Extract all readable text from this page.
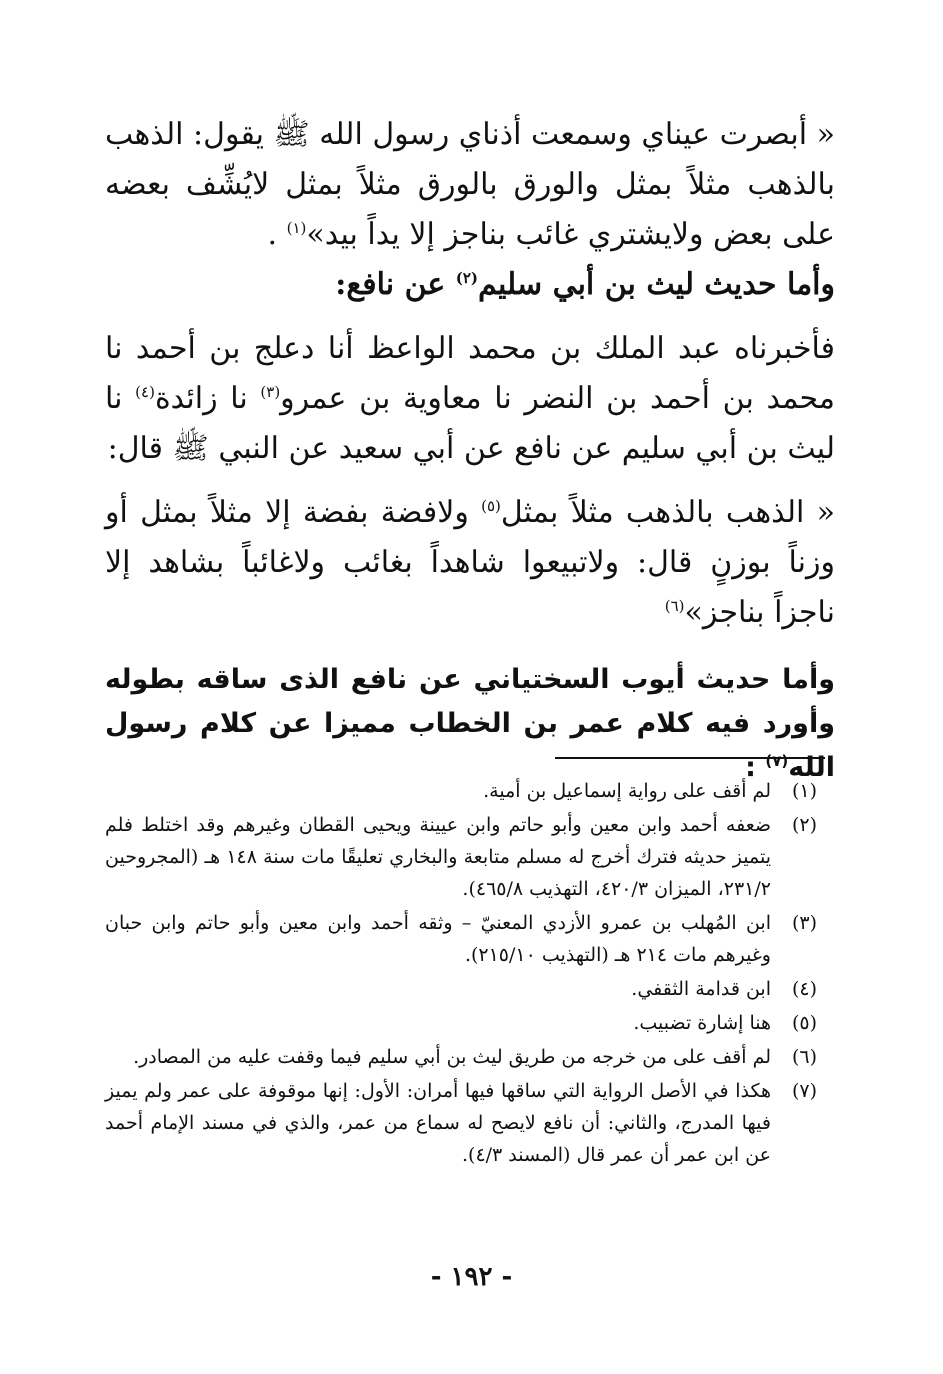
« أبصرت عيناي وسمعت أذناي رسول الله ﷺ يقول: الذهب بالذهب مثلاً بمثل والورق بالورق مثلاً بمثل لايُشِّف بعضه على بعض ولايشتري غائب بناجز إلا يداً بيد»$^{(١)}$ .

وأما حديث ليث بن أبي سليم$^{(٢)}$ عن نافع:

فأخبرناه عبد الملك بن محمد الواعظ أنا دعلج بن أحمد نا محمد بن أحمد بن النضر نا معاوية بن عمرو$^{(٣)}$ نا زائدة$^{(٤)}$ نا ليث بن أبي سليم عن نافع عن أبي سعيد عن النبي ﷺ قال:

« الذهب بالذهب مثلاً بمثل$^{(٥)}$ ولافضة بفضة إلا مثلاً بمثل أو وزناً بوزنٍ قال: ولاتبيعوا شاهداً بغائب ولاغائباً بشاهد إلا ناجزاً بناجز»$^{(٦)}$

وأما حديث أيوب السختياني عن نافع الذى ساقه بطوله وأورد فيه كلام عمر بن الخطاب مميزا عن كلام رسول الله$^{(٧)}$ :

(١)
لم أقف على رواية إسماعيل بن أمية.
(٢)
ضعفه أحمد وابن معين وأبو حاتم وابن عيينة ويحيى القطان وغيرهم وقد اختلط فلم يتميز حديثه فترك أخرج له مسلم متابعة والبخاري تعليقًا مات سنة ١٤٨ هـ (المجروحين ٢٣١/٢، الميزان ٤٢٠/٣، التهذيب ٤٦٥/٨).
(٣)
ابن المُهلب بن عمرو الأزدي المعنيّ – وثقه أحمد وابن معين وأبو حاتم وابن حبان وغيرهم مات ٢١٤ هـ (التهذيب ٢١٥/١٠).
(٤)
ابن قدامة الثقفي.
(٥)
هنا إشارة تضبيب.
(٦)
لم أقف على من خرجه من طريق ليث بن أبي سليم فيما وقفت عليه من المصادر.
(٧)
هكذا في الأصل الرواية التي ساقها فيها أمران: الأول: إنها موقوفة على عمر ولم يميز فيها المدرج، والثاني: أن نافع لايصح له سماع من عمر، والذي في مسند الإمام أحمد عن ابن عمر أن عمر قال (المسند ٤/٣).
- ١٩٢ -
